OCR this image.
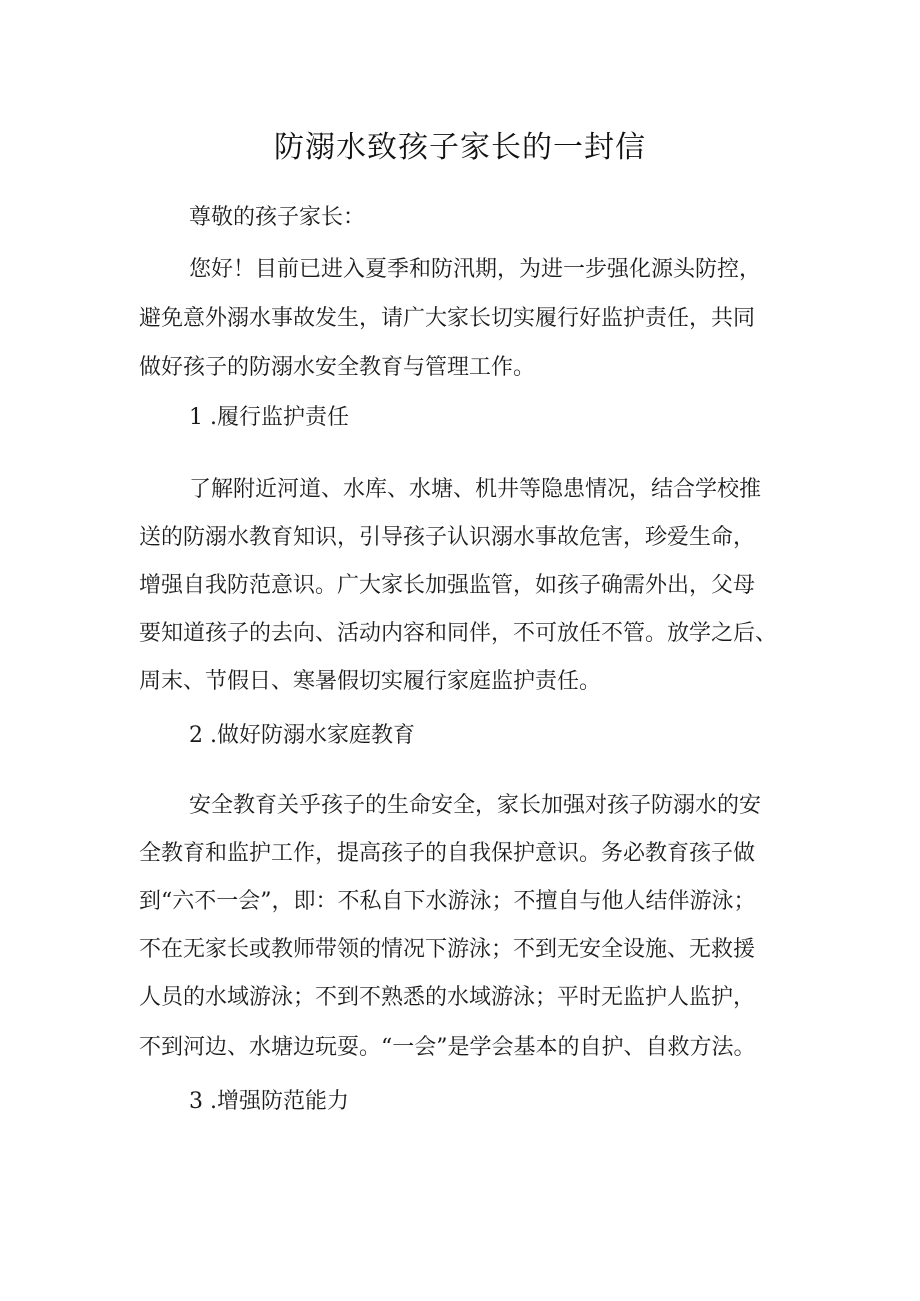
防溺水致孩子家长的一封信
尊敬的孩子家长：
您好！目前已进入夏季和防汛期，为进一步强化源头防控，
避免意外溺水事故发生，请广大家长切实履行好监护责任，共同
做好孩子的防溺水安全教育与管理工作。
1 .履行监护责任
了解附近河道、水库、水塘、机井等隐患情况，结合学校推
送的防溺水教育知识，引导孩子认识溺水事故危害，珍爱生命，
增强自我防范意识。广大家长加强监管，如孩子确需外出，父母
要知道孩子的去向、活动内容和同伴，不可放任不管。放学之后、
周末、节假日、寒暑假切实履行家庭监护责任。
2 .做好防溺水家庭教育
安全教育关乎孩子的生命安全，家长加强对孩子防溺水的安
全教育和监护工作，提高孩子的自我保护意识。务必教育孩子做
到“六不一会”，即：不私自下水游泳；不擅自与他人结伴游泳；
不在无家长或教师带领的情况下游泳；不到无安全设施、无救援
人员的水域游泳；不到不熟悉的水域游泳；平时无监护人监护，
不到河边、水塘边玩耍。“一会”是学会基本的自护、自救方法。
3 .增强防范能力
